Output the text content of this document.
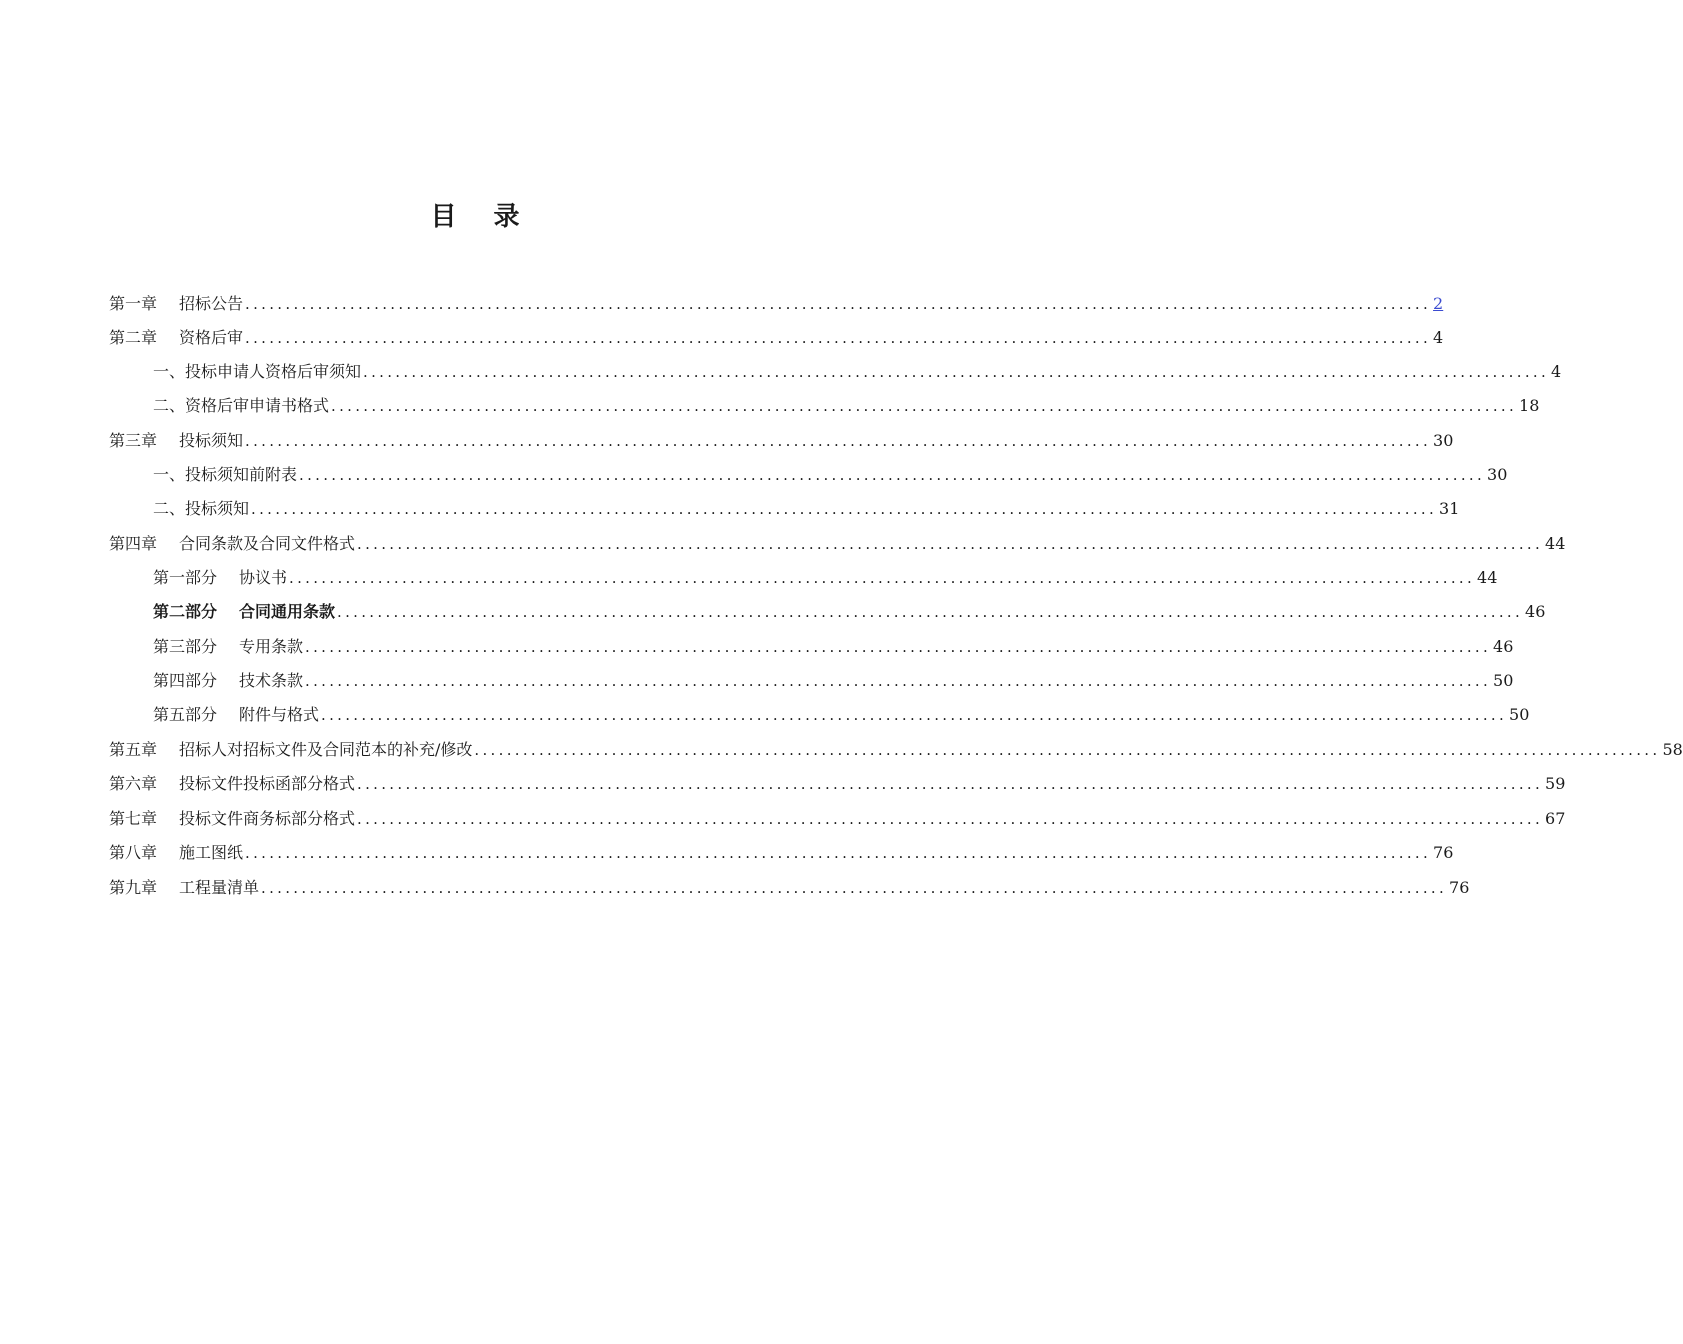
目 录
第一章 招标公告 ................................................................................................................................................... 2
第二章 资格后审 ................................................................................................................................................... 4
一、投标申请人资格后审须知 ................................................................................................................................................... 4
二、资格后审申请书格式 ................................................................................................................................................... 18
第三章 投标须知 ................................................................................................................................................... 30
一、投标须知前附表 ................................................................................................................................................... 30
二、投标须知 ................................................................................................................................................... 31
第四章 合同条款及合同文件格式 ................................................................................................................................................... 44
第一部分 协议书 ................................................................................................................................................... 44
第二部分 合同通用条款 ................................................................................................................................................... 46
第三部分 专用条款 ................................................................................................................................................... 46
第四部分 技术条款 ................................................................................................................................................... 50
第五部分 附件与格式 ................................................................................................................................................... 50
第五章 招标人对招标文件及合同范本的补充/修改 ................................................................................................................................................... 58
第六章 投标文件投标函部分格式 ................................................................................................................................................... 59
第七章 投标文件商务标部分格式 ................................................................................................................................................... 67
第八章 施工图纸 ................................................................................................................................................... 76
第九章 工程量清单 ................................................................................................................................................... 76
